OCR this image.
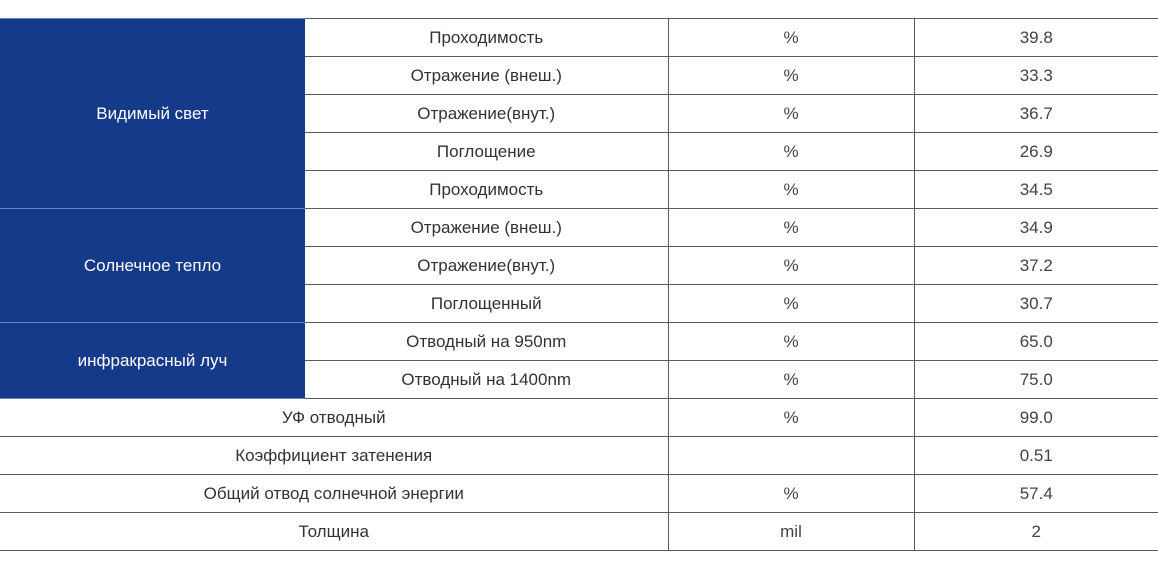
Видимый свет	Проходимость	%	39.8
	Отражение (внеш.)	%	33.3
	Отражение(внут.)	%	36.7
	Поглощение	%	26.9
	Проходимость	%	34.5
Солнечное тепло	Отражение (внеш.)	%	34.9
	Отражение(внут.)	%	37.2
	Поглощенный	%	30.7
инфракрасный луч	Отводный на 950nm	%	65.0
	Отводный на 1400nm	%	75.0
УФ отводный		%	99.0
Коэффициент затенения			0.51
Общий отвод солнечной энергии		%	57.4
Толщина		mil	2
